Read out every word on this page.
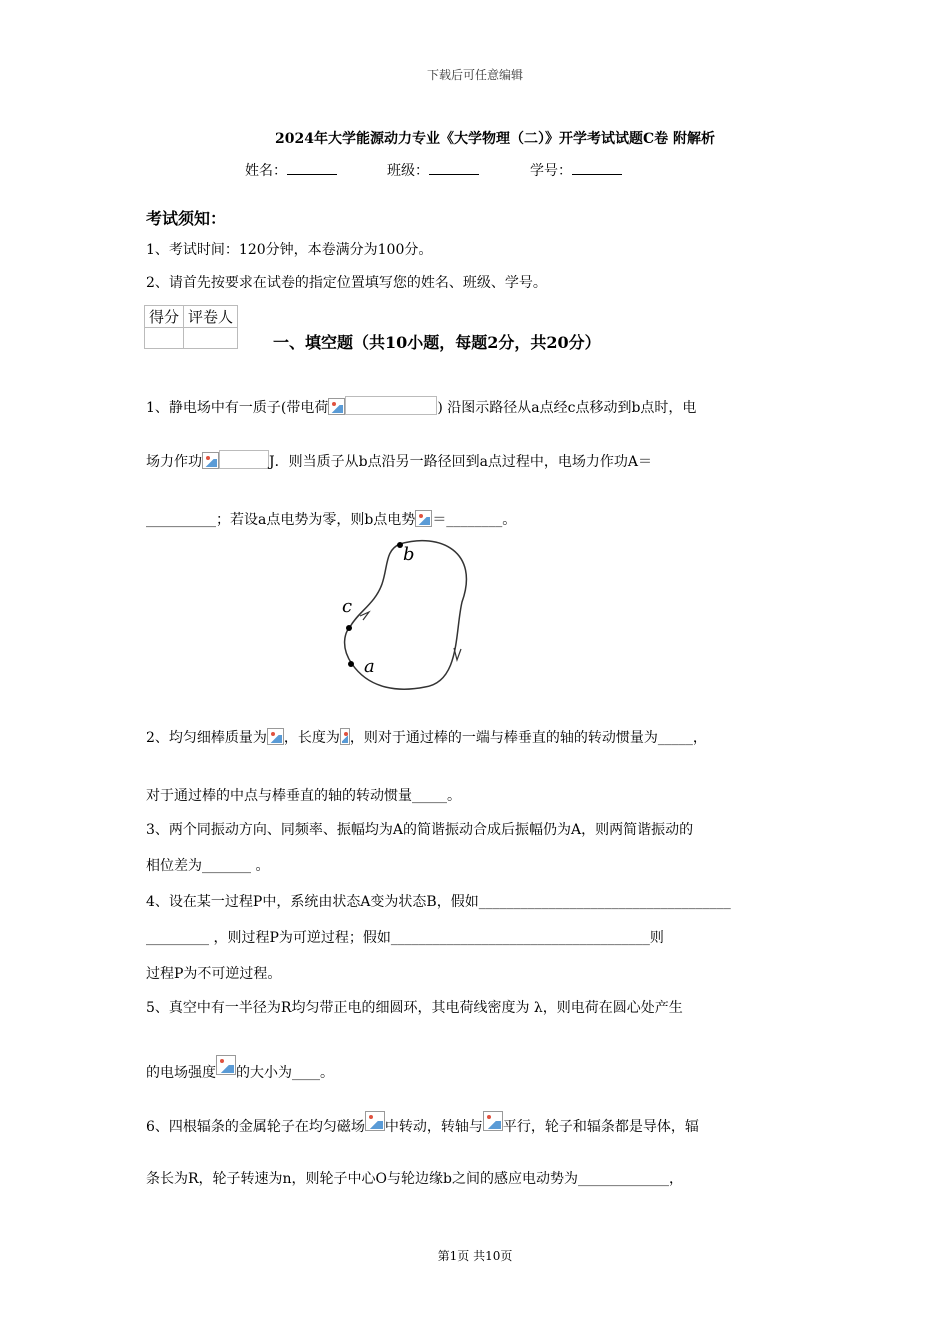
下载后可任意编辑
2024年大学能源动力专业《大学物理（二）》开学考试试题C卷 附解析
姓名：	班级：	学号：
考试须知：
1、考试时间：120分钟，本卷满分为100分。
2、请首先按要求在试卷的指定位置填写您的姓名、班级、学号。
得分	评卷人

一、填空题（共10小题，每题2分，共20分）
1、静电场中有一质子(带电荷	) 沿图示路径从a点经c点移动到b点时，电
场力作功	J．则当质子从b点沿另一路径回到a点过程中，电场力作功A＝
__________；若设a点电势为零，则b点电势 ＝________。
b
c
a
2、均匀细棒质量为 ，长度为 ，则对于通过棒的一端与棒垂直的轴的转动惯量为_____，
对于通过棒的中点与棒垂直的轴的转动惯量_____。
3、两个同振动方向、同频率、振幅均为A的简谐振动合成后振幅仍为A，则两简谐振动的
相位差为_______ 。
4、设在某一过程P中，系统由状态A变为状态B，假如____________________________________
_________ ，则过程P为可逆过程；假如_____________________________________则
过程P为不可逆过程。
5、真空中有一半径为R均匀带正电的细圆环，其电荷线密度为 λ，则电荷在圆心处产生
的电场强度 的大小为____。
6、四根辐条的金属轮子在均匀磁场 中转动，转轴与 平行，轮子和辐条都是导体，辐
条长为R，轮子转速为n，则轮子中心O与轮边缘b之间的感应电动势为_____________，
第1页 共10页
